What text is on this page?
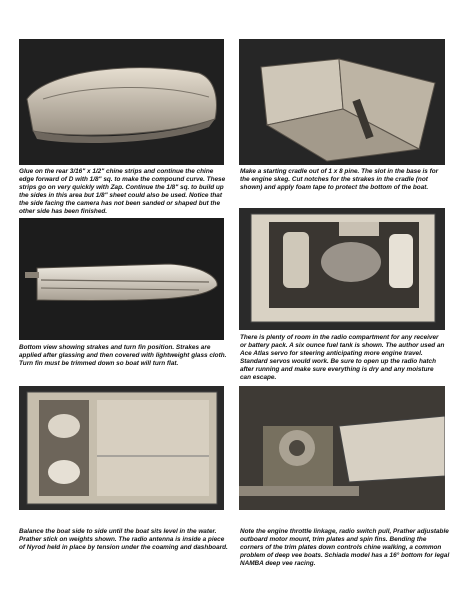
Glue on the rear 3/16" x 1/2" chine strips and continue the chine edge forward of D with 1/8" sq. to make the compound curve. These strips go on very quickly with Zap. Continue the 1/8" sq. to build up the sides in this area but 1/8" sheet could also be used. Notice that the side facing the camera has not been sanded or shaped but the other side has been finished.

Make a starting cradle out of 1 x 8 pine. The slot in the base is for the engine skeg. Cut notches for the strakes in the cradle (not shown) and apply foam tape to protect the bottom of the boat.

Bottom view showing strakes and turn fin position. Strakes are applied after glassing and then covered with lightweight glass cloth. Turn fin must be trimmed down so boat will turn flat.

There is plenty of room in the radio compartment for any receiver or battery pack. A six ounce fuel tank is shown. The author used an Ace Atlas servo for steering anticipating more engine travel. Standard servos would work. Be sure to open up the radio hatch after running and make sure everything is dry and any moisture can escape.

Balance the boat side to side until the boat sits level in the water. Prather stick on weights shown. The radio antenna is inside a piece of Nyrod held in place by tension under the coaming and dashboard.

Note the engine throttle linkage, radio switch pull, Prather adjustable outboard motor mount, trim plates and spin fins. Bending the corners of the trim plates down controls chine walking, a common problem of deep vee boats. Schiada model has a 16° bottom for legal NAMBA deep vee racing.
